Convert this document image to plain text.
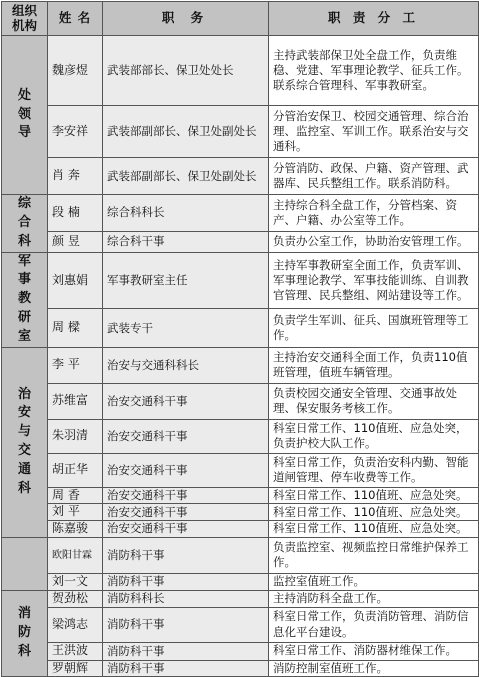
组织机构	姓 名	职 务	职 责 分 工
处领导	魏彦煜	武装部部长、保卫处处长	主持武装部保卫处全盘工作，负责维稳、党建、军事理论教学、征兵工作。联系综合管理科、军事教研室。
	李安祥	武装部副部长、保卫处副处长	分管治安保卫、校园交通管理、综合治理、监控室、军训工作。联系治安与交通科。
	肖 奔	武装部副部长、保卫处副处长	分管消防、政保、户籍、资产管理、武器库、民兵整组工作。联系消防科。
综合科	段 楠	综合科科长	主持综合科全盘工作，分管档案、资产、户籍、办公室等工作。
	颜 昱	综合科干事	负责办公室工作，协助治安管理工作。
军事教研室	刘惠娟	军事教研室主任	主持军事教研室全面工作，负责军训、军事理论教学、军事技能训练、自训教官管理、民兵整组、网站建设等工作。
	周 樑	武装专干	负责学生军训、征兵、国旗班管理等工作。
治安与交通科	李 平	治安与交通科科长	主持治安交通科全面工作，负责110值班管理，值班车辆管理。
	苏维富	治安交通科干事	负责校园交通安全管理、交通事故处理、保安服务考核工作。
	朱羽清	治安交通科干事	科室日常工作、110值班、应急处突，负责护校大队工作。
	胡正华	治安交通科干事	科室日常工作，负责治安科内勤、智能道闸管理、停车收费等工作。
	周 香	治安交通科干事	科室日常工作、110值班、应急处突。
	刘 平	治安交通科干事	科室日常工作、110值班、应急处突。
	陈嘉骏	治安交通科干事	科室日常工作、110值班、应急处突。
	欧阳甘霖	消防科干事	负责监控室、视频监控日常维护保养工作。
	刘一文	消防科干事	监控室值班工作。
消防科	贺劲松	消防科科长	主持消防科全盘工作。
	梁鸿志	消防科干事	科室日常工作，负责消防管理、消防信息化平台建设。
	王洪波	消防科干事	科室日常工作、消防器材维保工作。
	罗朝辉	消防科干事	消防控制室值班工作。
